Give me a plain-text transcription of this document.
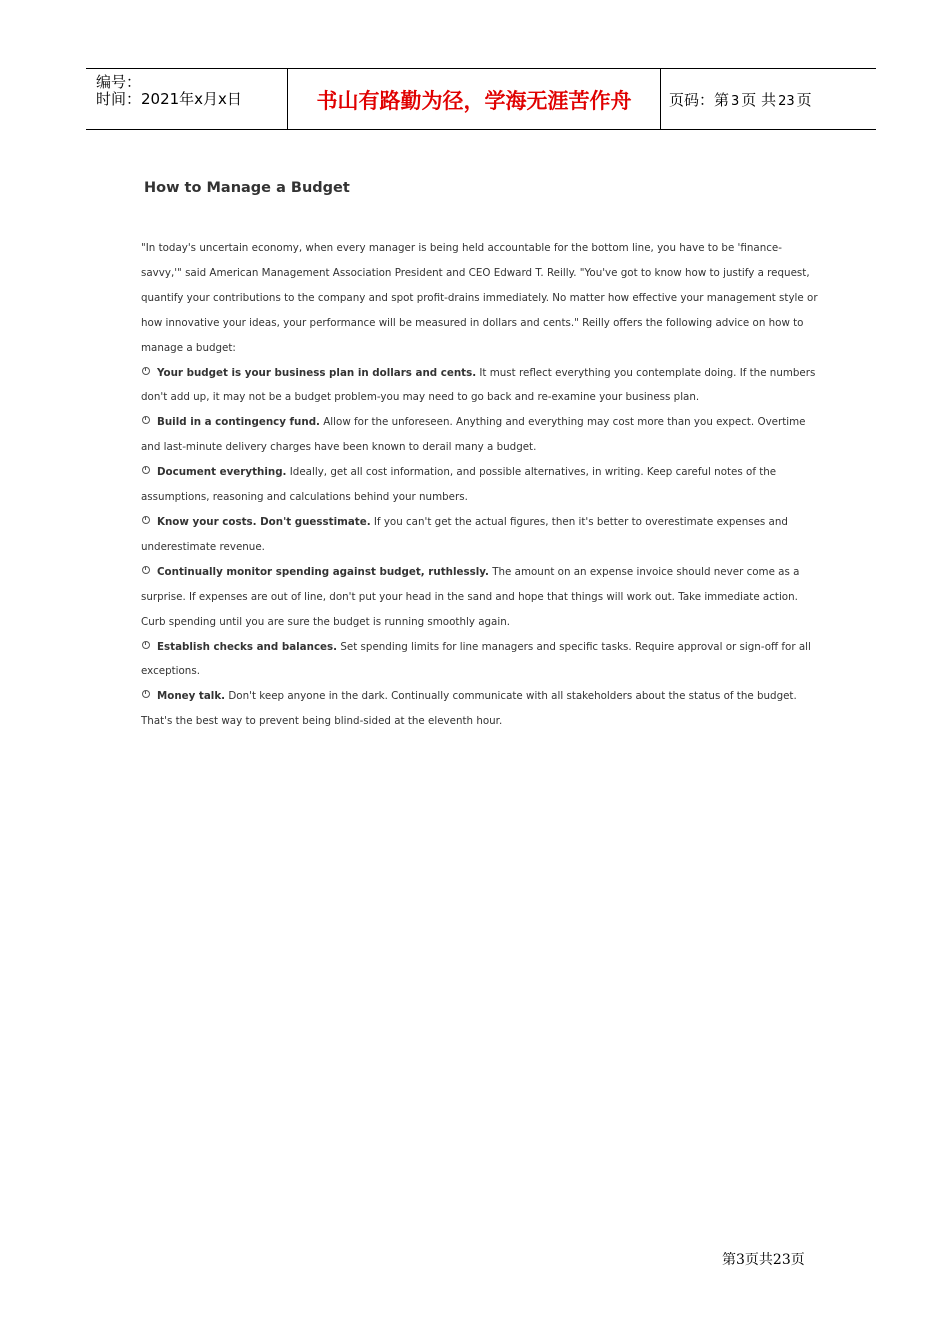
编号：
时间：2021年x月x日	书山有路勤为径，学海无涯苦作舟	页码：第 3 页 共 23 页
How to Manage a Budget

"In today's uncertain economy, when every manager is being held accountable for the bottom line, you have to be 'finance-savvy,'" said American Management Association President and CEO Edward T. Reilly. "You've got to know how to justify a request, quantify your contributions to the company and spot profit-drains immediately. No matter how effective your management style or how innovative your ideas, your performance will be measured in dollars and cents." Reilly offers the following advice on how to manage a budget:

Your budget is your business plan in dollars and cents. It must reflect everything you contemplate doing. If the numbers don't add up, it may not be a budget problem-you may need to go back and re-examine your business plan.

Build in a contingency fund. Allow for the unforeseen. Anything and everything may cost more than you expect. Overtime and last-minute delivery charges have been known to derail many a budget.

Document everything. Ideally, get all cost information, and possible alternatives, in writing. Keep careful notes of the assumptions, reasoning and calculations behind your numbers.

Know your costs. Don't guesstimate. If you can't get the actual figures, then it's better to overestimate expenses and underestimate revenue.

Continually monitor spending against budget, ruthlessly. The amount on an expense invoice should never come as a surprise. If expenses are out of line, don't put your head in the sand and hope that things will work out. Take immediate action. Curb spending until you are sure the budget is running smoothly again.

Establish checks and balances. Set spending limits for line managers and specific tasks. Require approval or sign-off for all exceptions.

Money talk. Don't keep anyone in the dark. Continually communicate with all stakeholders about the status of the budget. That's the best way to prevent being blind-sided at the eleventh hour.

第3页共23页
